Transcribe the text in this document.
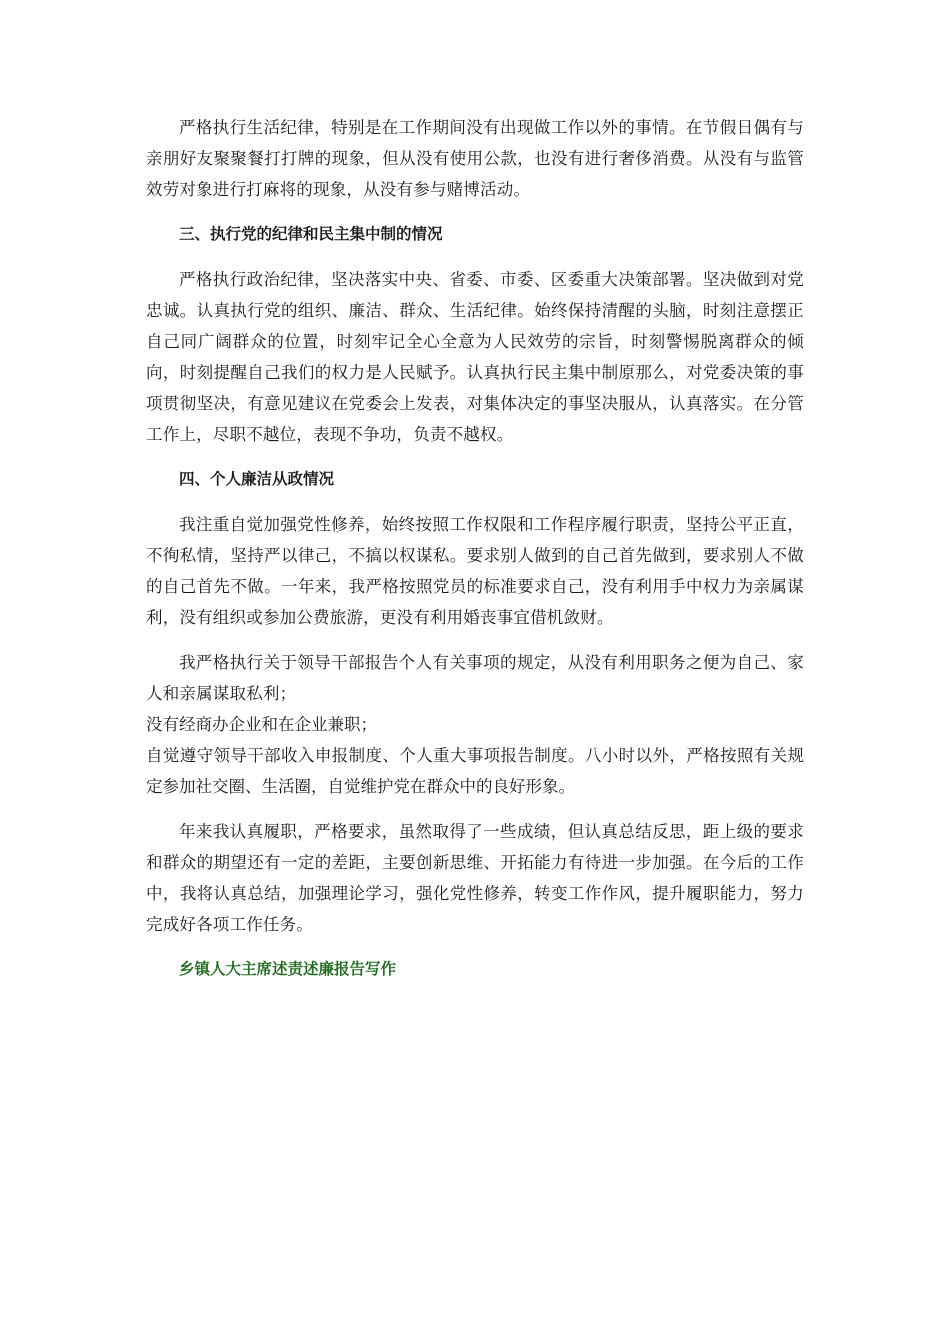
严格执行生活纪律，特别是在工作期间没有出现做工作以外的事情。在节假日偶有与亲朋好友聚聚餐打打牌的现象，但从没有使用公款，也没有进行奢侈消费。从没有与监管效劳对象进行打麻将的现象，从没有参与赌博活动。

三、执行党的纪律和民主集中制的情况

严格执行政治纪律，坚决落实中央、省委、市委、区委重大决策部署。坚决做到对党忠诚。认真执行党的组织、廉洁、群众、生活纪律。始终保持清醒的头脑，时刻注意摆正自己同广阔群众的位置，时刻牢记全心全意为人民效劳的宗旨，时刻警惕脱离群众的倾向，时刻提醒自己我们的权力是人民赋予。认真执行民主集中制原那么，对党委决策的事项贯彻坚决，有意见建议在党委会上发表，对集体决定的事坚决服从，认真落实。在分管工作上，尽职不越位，表现不争功，负责不越权。

四、个人廉洁从政情况

我注重自觉加强党性修养，始终按照工作权限和工作程序履行职责，坚持公平正直，不徇私情，坚持严以律己，不搞以权谋私。要求别人做到的自己首先做到，要求别人不做的自己首先不做。一年来，我严格按照党员的标准要求自己，没有利用手中权力为亲属谋利，没有组织或参加公费旅游，更没有利用婚丧事宜借机敛财。

我严格执行关于领导干部报告个人有关事项的规定，从没有利用职务之便为自己、家人和亲属谋取私利；

没有经商办企业和在企业兼职；

自觉遵守领导干部收入申报制度、个人重大事项报告制度。八小时以外，严格按照有关规定参加社交圈、生活圈，自觉维护党在群众中的良好形象。

年来我认真履职，严格要求，虽然取得了一些成绩，但认真总结反思，距上级的要求和群众的期望还有一定的差距，主要创新思维、开拓能力有待进一步加强。在今后的工作中，我将认真总结，加强理论学习，强化党性修养，转变工作作风，提升履职能力，努力完成好各项工作任务。

乡镇人大主席述责述廉报告写作
